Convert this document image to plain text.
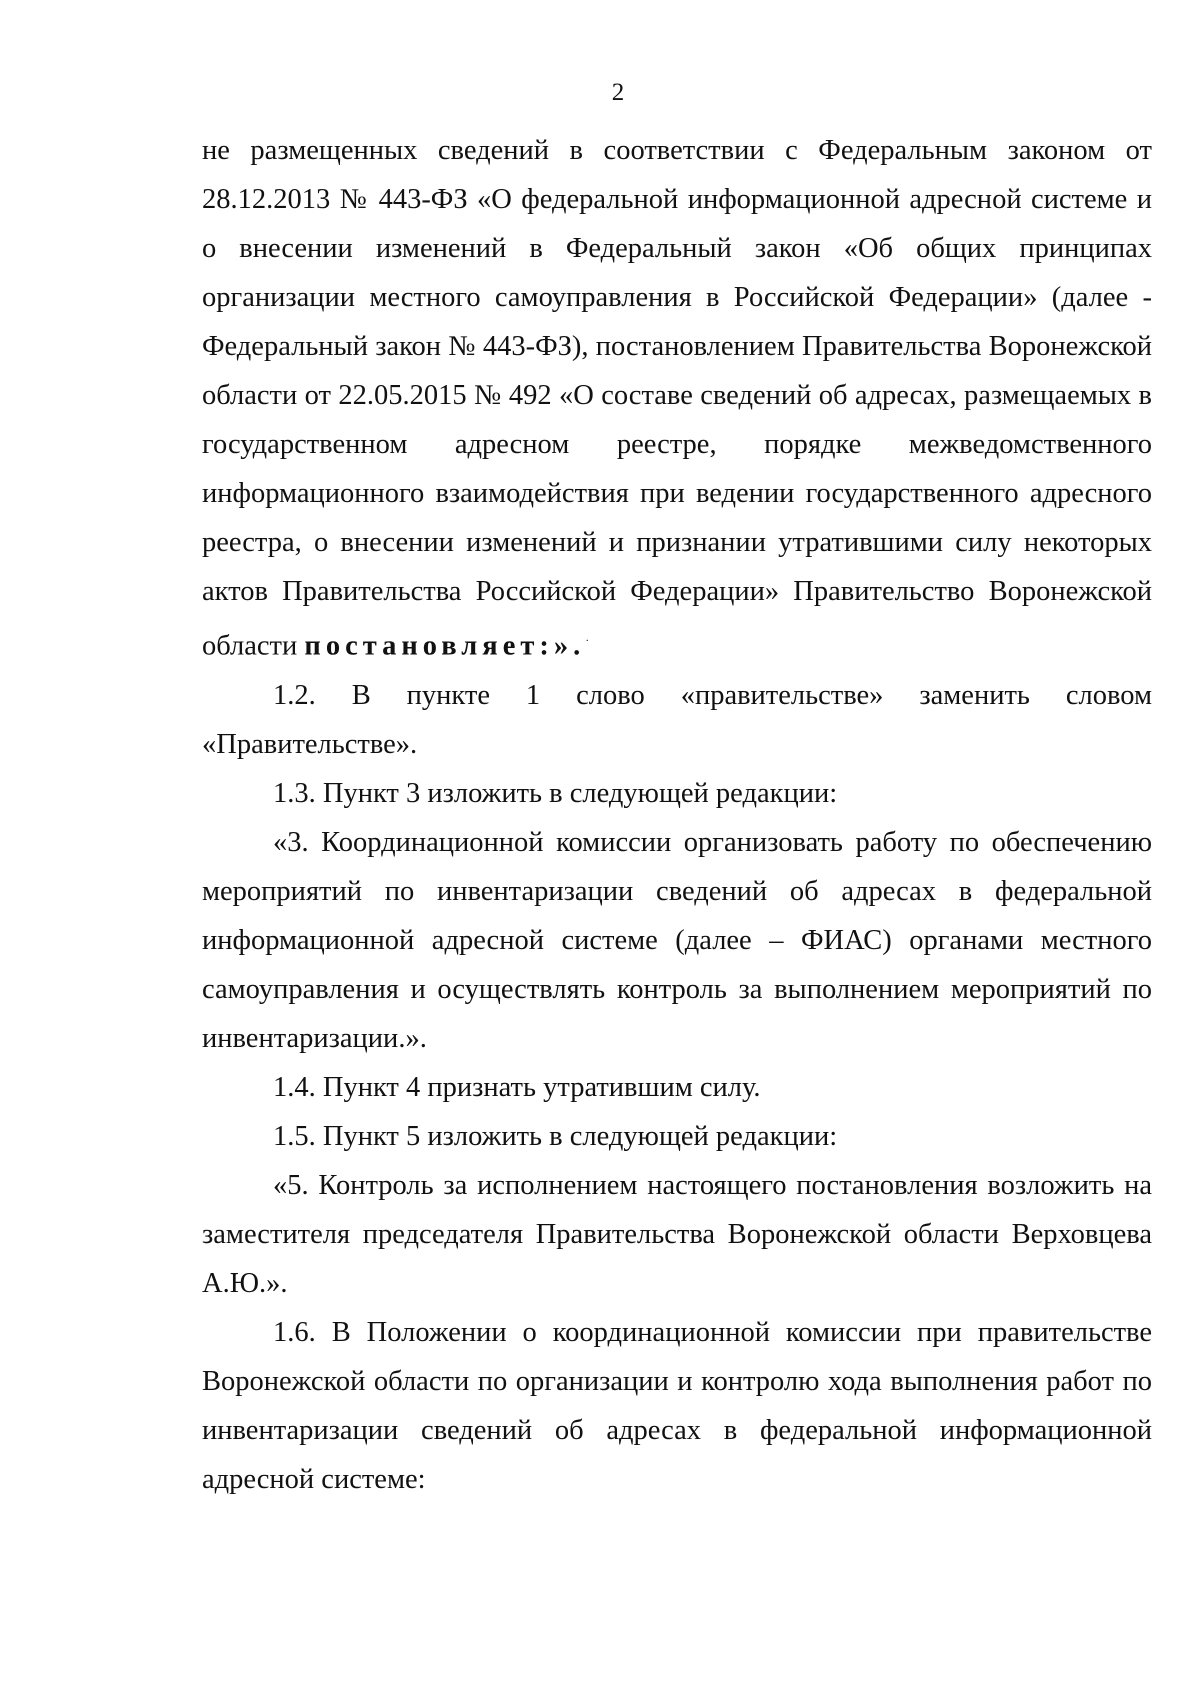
2

не размещенных сведений в соответствии с Федеральным законом от 28.12.2013 № 443-ФЗ «О федеральной информационной адресной системе и о внесении изменений в Федеральный закон «Об общих принципах организации местного самоуправления в Российской Федерации» (далее - Федеральный закон № 443-ФЗ), постановлением Правительства Воронежской области от 22.05.2015 № 492 «О составе сведений об адресах, размещаемых в государственном адресном реестре, порядке межведомственного информационного взаимодействия при ведении государственного адресного реестра, о внесении изменений и признании утратившими силу некоторых актов Правительства Российской Федерации» Правительство Воронежской области постановляет:».·

1.2. В пункте 1 слово «правительстве» заменить словом «Правительстве».

1.3. Пункт 3 изложить в следующей редакции:

«3. Координационной комиссии организовать работу по обеспечению мероприятий по инвентаризации сведений об адресах в федеральной информационной адресной системе (далее – ФИАС) органами местного самоуправления и осуществлять контроль за выполнением мероприятий по инвентаризации.».

1.4. Пункт 4 признать утратившим силу.

1.5. Пункт 5 изложить в следующей редакции:

«5. Контроль за исполнением настоящего постановления возложить на заместителя председателя Правительства Воронежской области Верховцева А.Ю.».

1.6. В Положении о координационной комиссии при правительстве Воронежской области по организации и контролю хода выполнения работ по инвентаризации сведений об адресах в федеральной информационной адресной системе:
